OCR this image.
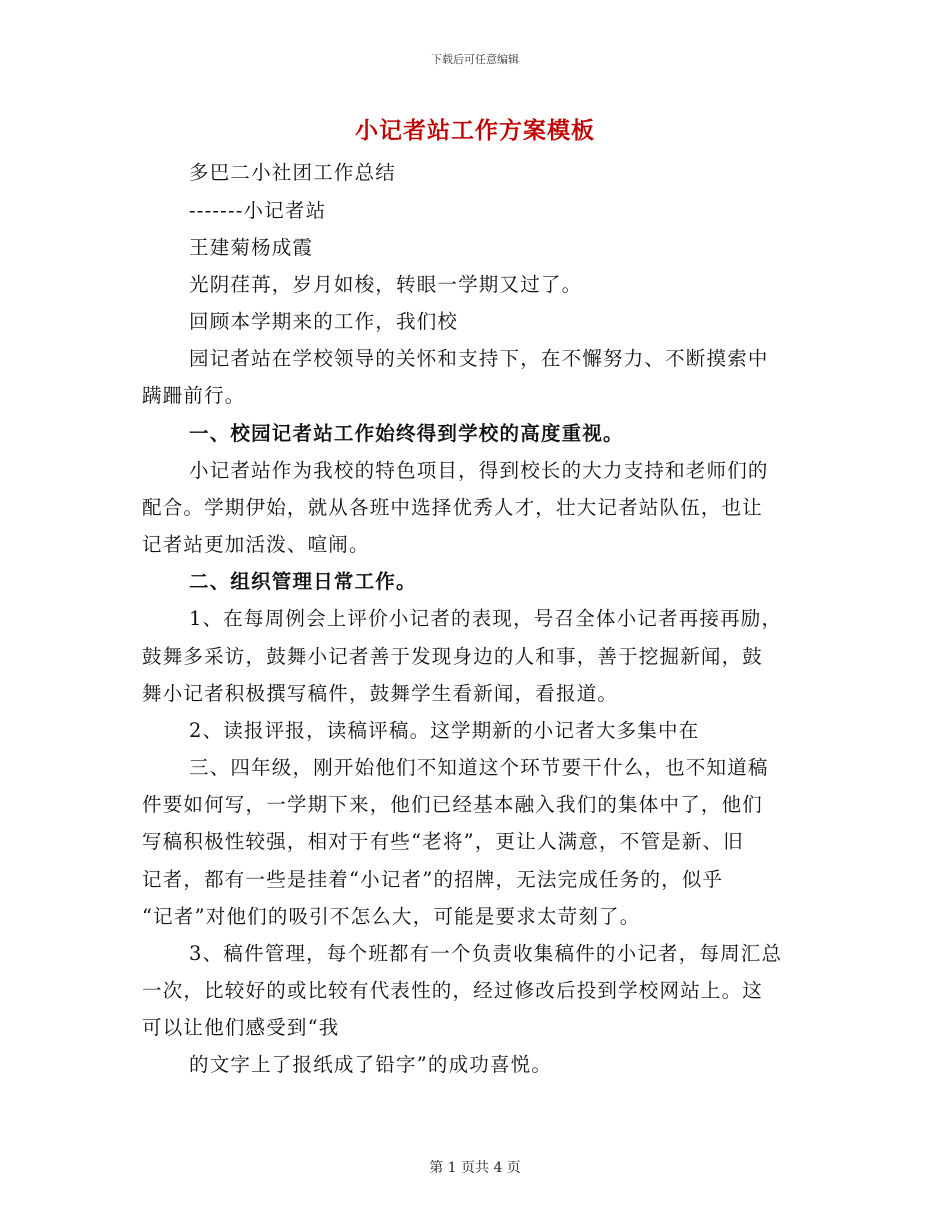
下载后可任意编辑
小记者站工作方案模板
多巴二小社团工作总结
-------小记者站
王建菊杨成霞
光阴荏苒，岁月如梭，转眼一学期又过了。
回顾本学期来的工作，我们校
园记者站在学校领导的关怀和支持下，在不懈努力、不断摸索中
蹒跚前行。
一、校园记者站工作始终得到学校的高度重视。
小记者站作为我校的特色项目，得到校长的大力支持和老师们的
配合。学期伊始，就从各班中选择优秀人才，壮大记者站队伍，也让
记者站更加活泼、喧闹。
二、组织管理日常工作。
1、在每周例会上评价小记者的表现，号召全体小记者再接再励，
鼓舞多采访，鼓舞小记者善于发现身边的人和事，善于挖掘新闻，鼓
舞小记者积极撰写稿件，鼓舞学生看新闻，看报道。
2、读报评报，读稿评稿。这学期新的小记者大多集中在
三、四年级，刚开始他们不知道这个环节要干什么，也不知道稿
件要如何写，一学期下来，他们已经基本融入我们的集体中了，他们
写稿积极性较强，相对于有些“老将”，更让人满意，不管是新、旧
记者，都有一些是挂着“小记者”的招牌，无法完成任务的，似乎
“记者”对他们的吸引不怎么大，可能是要求太苛刻了。
3、稿件管理，每个班都有一个负责收集稿件的小记者，每周汇总
一次，比较好的或比较有代表性的，经过修改后投到学校网站上。这
可以让他们感受到“我
的文字上了报纸成了铅字”的成功喜悦。
第 1 页共 4 页
